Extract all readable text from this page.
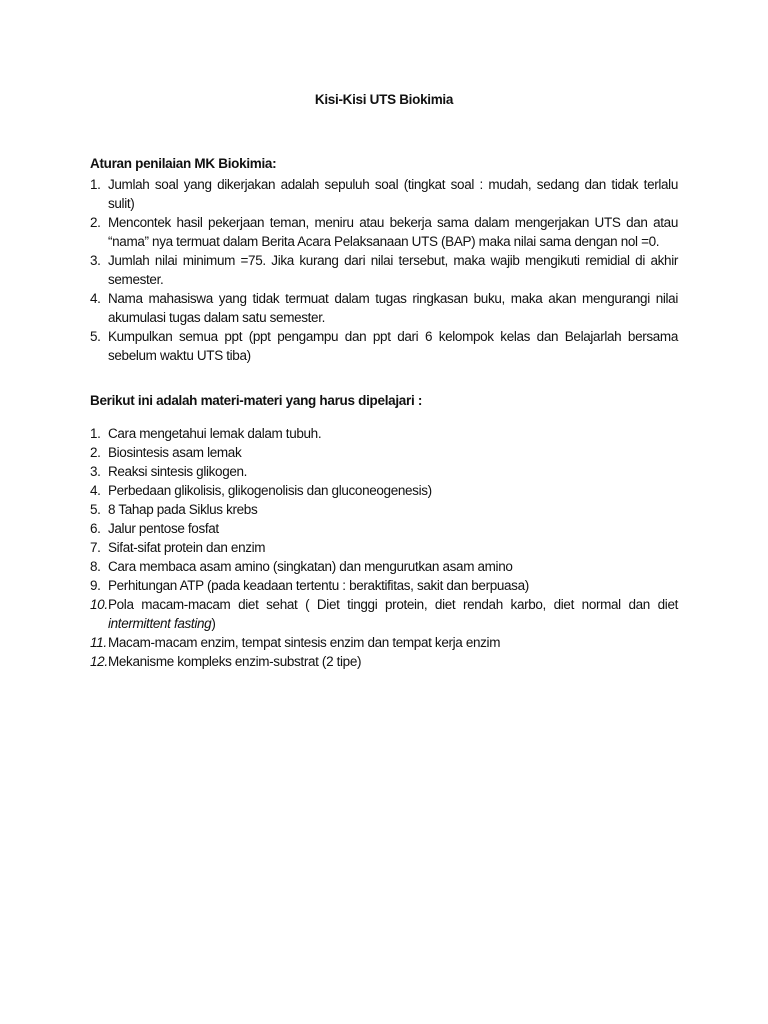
Kisi-Kisi UTS Biokimia
Aturan penilaian MK Biokimia:
1. Jumlah soal yang dikerjakan adalah sepuluh soal (tingkat soal : mudah, sedang dan tidak terlalu sulit)
2. Mencontek hasil pekerjaan teman, meniru atau bekerja sama dalam mengerjakan UTS dan atau “nama” nya termuat dalam Berita Acara Pelaksanaan UTS (BAP) maka nilai sama dengan nol =0.
3. Jumlah nilai minimum =75. Jika kurang dari nilai tersebut, maka wajib mengikuti remidial di akhir semester.
4. Nama mahasiswa yang tidak termuat dalam tugas ringkasan buku, maka akan mengurangi nilai akumulasi tugas dalam satu semester.
5. Kumpulkan semua ppt (ppt pengampu dan ppt dari 6 kelompok kelas dan Belajarlah bersama sebelum waktu UTS tiba)
Berikut ini adalah materi-materi yang harus dipelajari :
1. Cara mengetahui lemak dalam tubuh.
2. Biosintesis asam lemak
3. Reaksi sintesis glikogen.
4. Perbedaan glikolisis, glikogenolisis dan gluconeogenesis)
5. 8 Tahap pada Siklus krebs
6. Jalur pentose fosfat
7. Sifat-sifat protein dan enzim
8. Cara membaca asam amino (singkatan) dan mengurutkan asam amino
9. Perhitungan ATP (pada keadaan tertentu : beraktifitas, sakit dan berpuasa)
10. Pola macam-macam diet sehat ( Diet tinggi protein, diet rendah karbo, diet normal dan diet intermittent fasting)
11. Macam-macam enzim, tempat sintesis enzim dan tempat kerja enzim
12. Mekanisme kompleks enzim-substrat (2 tipe)
